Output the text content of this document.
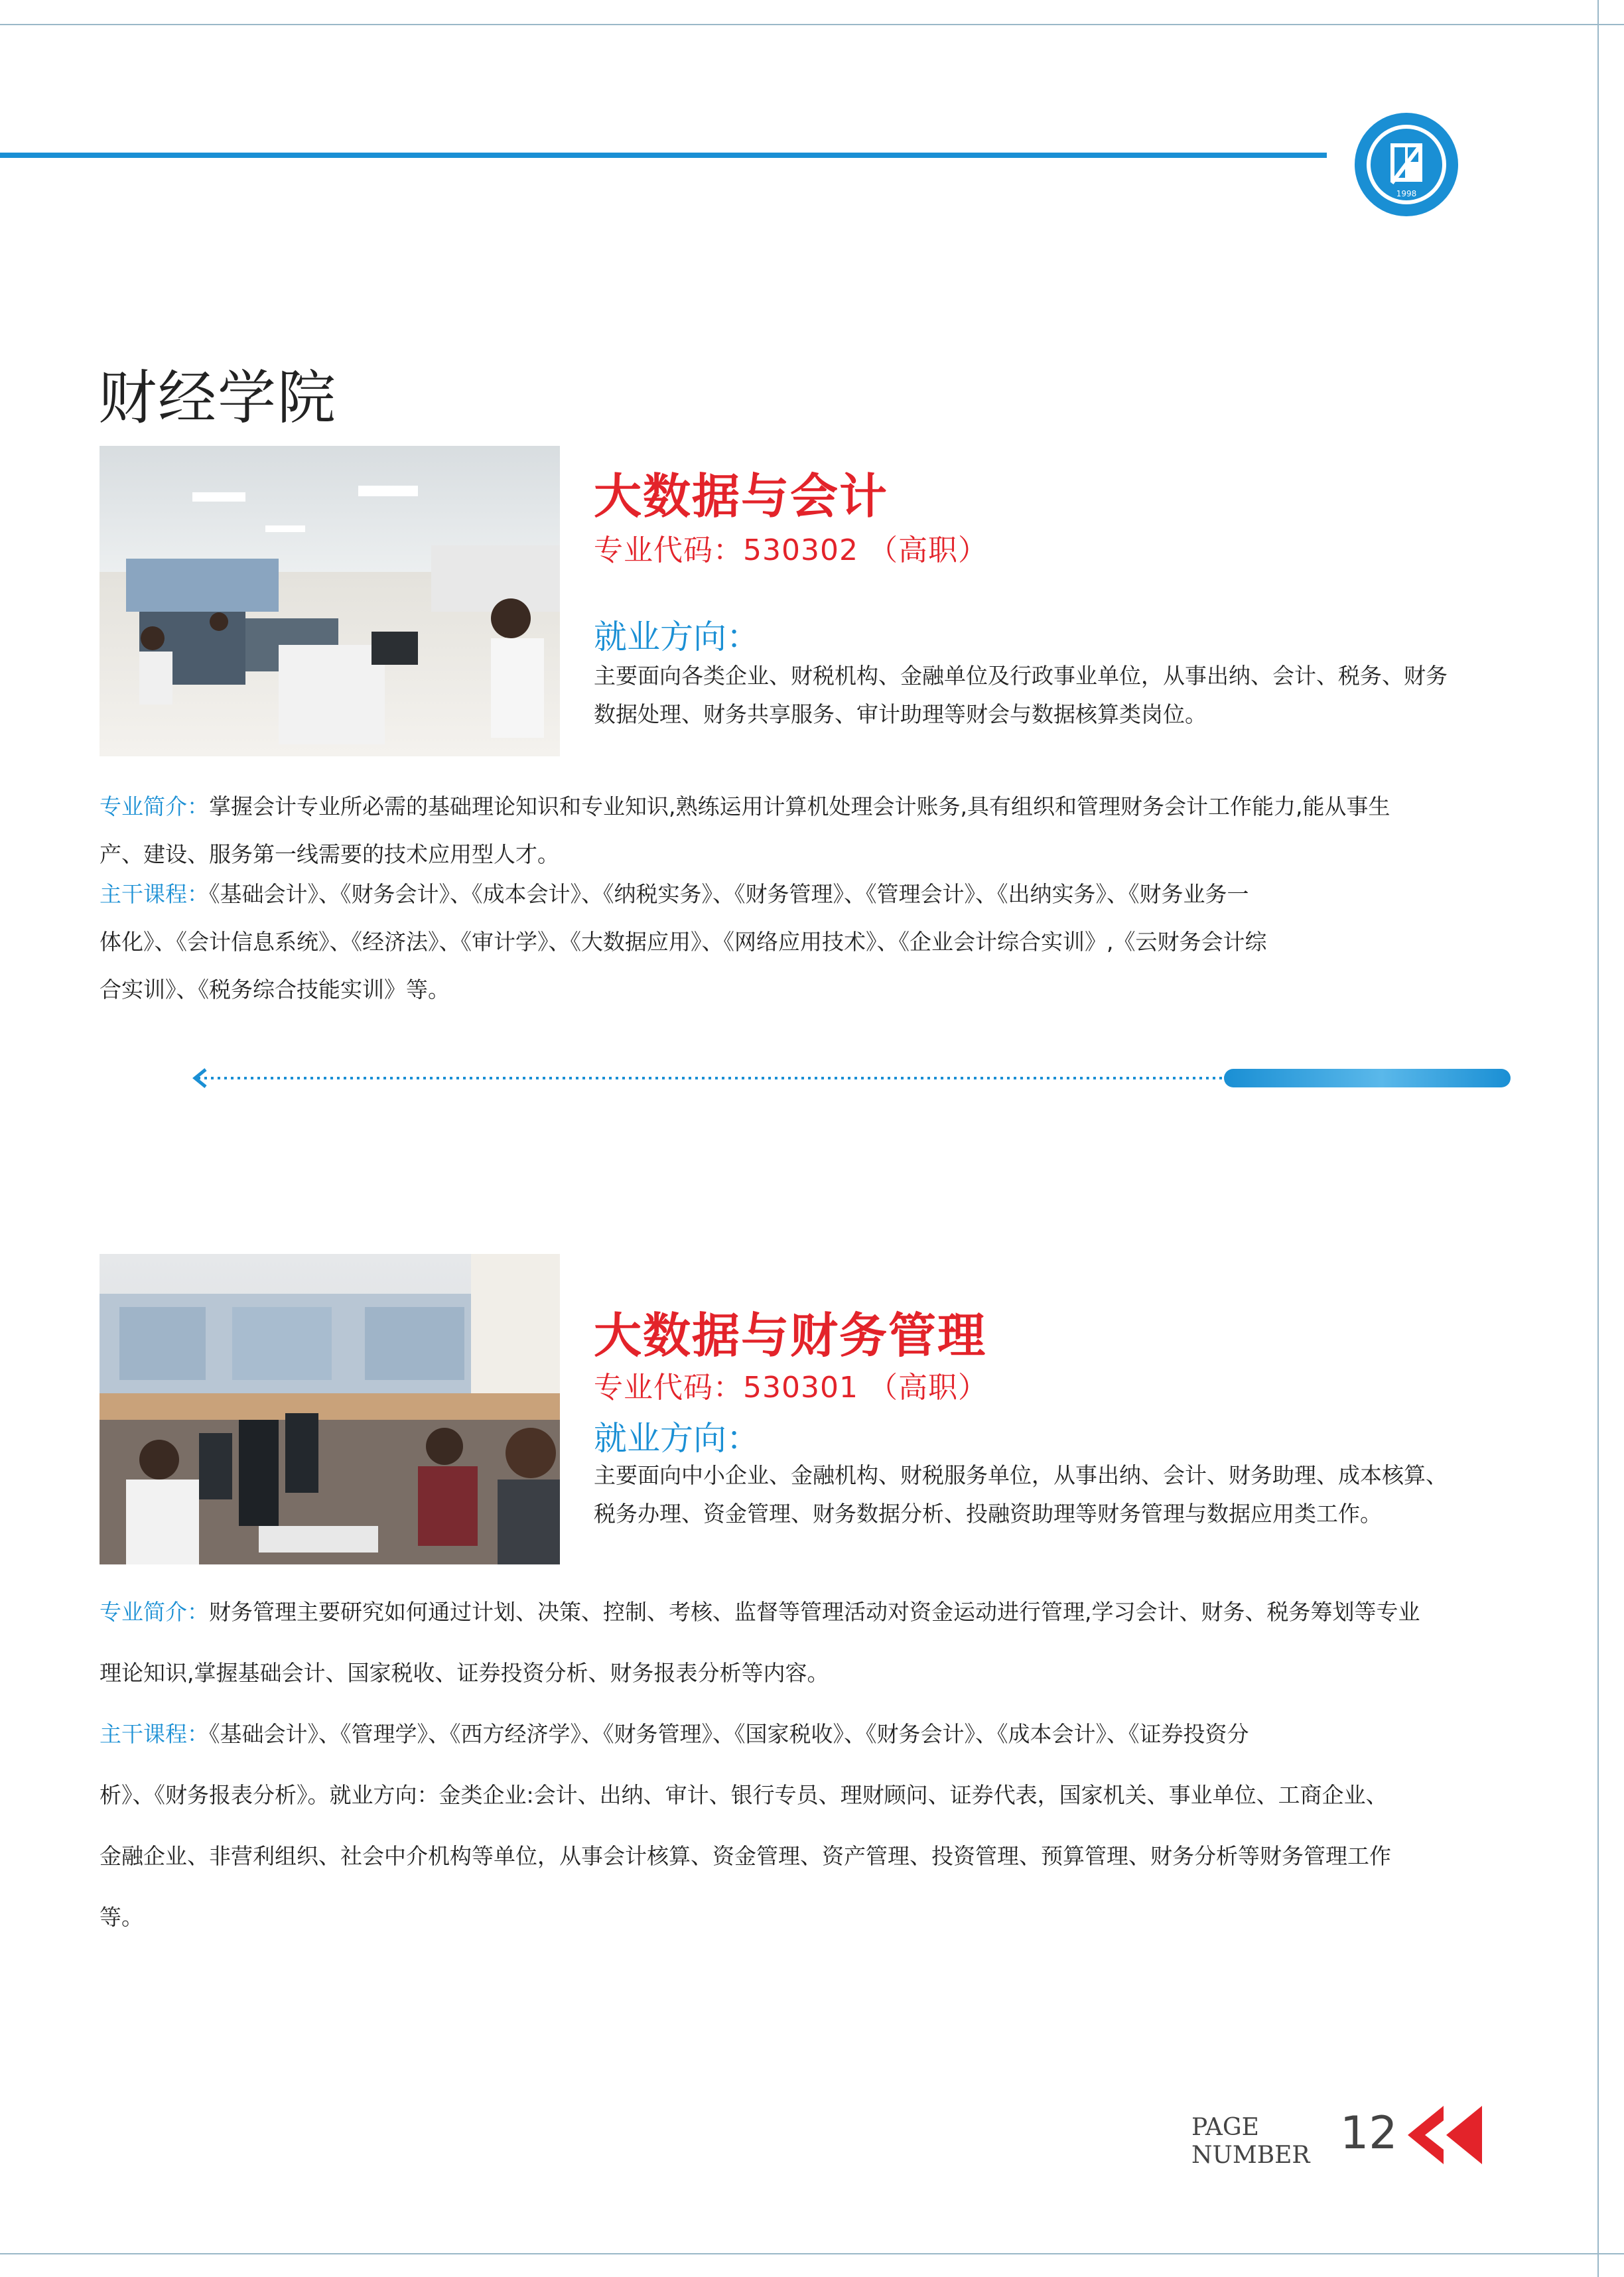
1998
财经学院
大数据与会计
专业代码：530302 （高职）
就业方向：
主要面向各类企业、财税机构、金融单位及行政事业单位，从事出纳、会计、税务、财务
数据处理、财务共享服务、审计助理等财会与数据核算类岗位。
专业简介：掌握会计专业所必需的基础理论知识和专业知识,熟练运用计算机处理会计账务,具有组织和管理财务会计工作能力,能从事生
产、建设、服务第一线需要的技术应用型人才。
主干课程：《基础会计》、《财务会计》、《成本会计》、《纳税实务》、《财务管理》、《管理会计》、《出纳实务》、《财务业务一
体化》、《会计信息系统》、《经济法》、《审计学》、《大数据应用》、《网络应用技术》、《企业会计综合实训》,《云财务会计综
合实训》、《税务综合技能实训》等。
大数据与财务管理
专业代码：530301 （高职）
就业方向：
主要面向中小企业、金融机构、财税服务单位，从事出纳、会计、财务助理、成本核算、
税务办理、资金管理、财务数据分析、投融资助理等财务管理与数据应用类工作。
专业简介：财务管理主要研究如何通过计划、决策、控制、考核、监督等管理活动对资金运动进行管理,学习会计、财务、税务筹划等专业
理论知识,掌握基础会计、国家税收、证券投资分析、财务报表分析等内容。
主干课程：《基础会计》、《管理学》、《西方经济学》、《财务管理》、《国家税收》、《财务会计》、《成本会计》、《证券投资分
析》、《财务报表分析》。就业方向：金类企业:会计、出纳、审计、银行专员、理财顾问、证券代表，国家机关、事业单位、工商企业、
金融企业、非营利组织、社会中介机构等单位，从事会计核算、资金管理、资产管理、投资管理、预算管理、财务分析等财务管理工作
等。
PAGE
NUMBER 12
